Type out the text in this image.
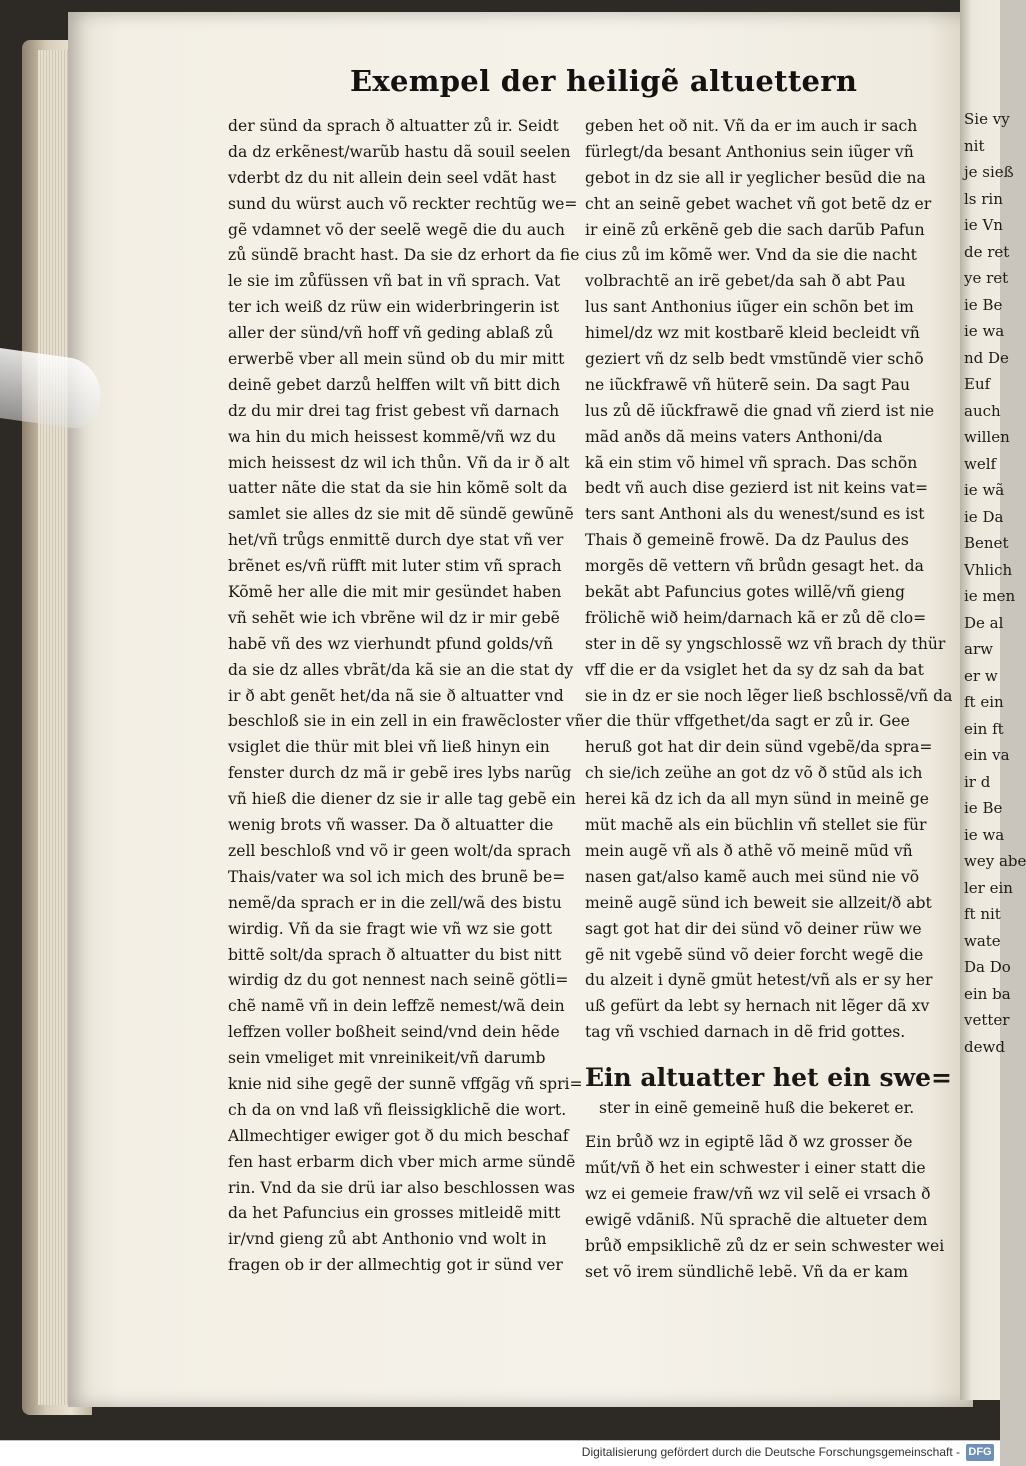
Sie vy
nit
je sieß
ls rin
ie Vn
de ret
ye ret
ie Be
ie wa
nd De
Euf
auch
willen
welf
ie wã
ie Da
Benet
Vhlich
ie men
De al
arw
er w
ft ein
ein ft
ein va
ir d
ie Be
ie wa
wey abe
ler ein
ft nit
wate
Da Do
ein ba
vetter
dewd
Exempel der heiligẽ altuettern
der sünd da sprach ð altuatter zů ir. Seidt
da dz erkẽnest/warũb hastu dã souil seelen
vderbt dz du nit allein dein seel vdãt hast
sund du würst auch võ reckter rechtũg we=
gẽ vdamnet võ der seelẽ wegẽ die du auch
zů sündẽ bracht hast. Da sie dz erhort da fie
le sie im zůfüssen vñ bat in vñ sprach. Vat
ter ich weiß dz rüw ein widerbringerin ist
aller der sünd/vñ hoff vñ geding ablaß zů
erwerbẽ vber all mein sünd ob du mir mitt
deinẽ gebet darzů helffen wilt vñ bitt dich
dz du mir drei tag frist gebest vñ darnach
wa hin du mich heissest kommẽ/vñ wz du
mich heissest dz wil ich thůn. Vñ da ir ð alt
uatter nãte die stat da sie hin kõmẽ solt da
samlet sie alles dz sie mit dẽ sündẽ gewũnẽ
het/vñ trůgs enmittẽ durch dye stat vñ ver
brẽnet es/vñ rüfft mit luter stim vñ sprach
Kõmẽ her alle die mit mir gesündet haben
vñ sehẽt wie ich vbrẽne wil dz ir mir gebẽ
habẽ vñ des wz vierhundt pfund golds/vñ
da sie dz alles vbrãt/da kã sie an die stat dy
ir ð abt genẽt het/da nã sie ð altuatter vnd
beschloß sie in ein zell in ein frawẽcloster vñ
vsiglet die thür mit blei vñ ließ hinyn ein
fenster durch dz mã ir gebẽ ires lybs narũg
vñ hieß die diener dz sie ir alle tag gebẽ ein
wenig brots vñ wasser. Da ð altuatter die
zell beschloß vnd võ ir geen wolt/da sprach
Thais/vater wa sol ich mich des brunẽ be=
nemẽ/da sprach er in die zell/wã des bistu
wirdig. Vñ da sie fragt wie vñ wz sie gott
bittẽ solt/da sprach ð altuatter du bist nitt
wirdig dz du got nennest nach seinẽ götli=
chẽ namẽ vñ in dein leffzẽ nemest/wã dein
leffzen voller boßheit seind/vnd dein hẽde
sein vmeliget mit vnreinikeit/vñ darumb
knie nid sihe gegẽ der sunnẽ vffgãg vñ spri=
ch da on vnd laß vñ fleissigklichẽ die wort.
Allmechtiger ewiger got ð du mich beschaf
fen hast erbarm dich vber mich arme sündẽ
rin. Vnd da sie drü iar also beschlossen was
da het Pafuncius ein grosses mitleidẽ mitt
ir/vnd gieng zů abt Anthonio vnd wolt in
fragen ob ir der allmechtig got ir sünd ver
geben het oð nit. Vñ da er im auch ir sach
fürlegt/da besant Anthonius sein iũger vñ
gebot in dz sie all ir yeglicher besũd die na
cht an seinẽ gebet wachet vñ got betẽ dz er
ir einẽ zů erkẽnẽ geb die sach darũb Pafun
cius zů im kõmẽ wer. Vnd da sie die nacht
volbrachtẽ an irẽ gebet/da sah ð abt Pau
lus sant Anthonius iũger ein schõn bet im
himel/dz wz mit kostbarẽ kleid becleidt vñ
geziert vñ dz selb bedt vmstũndẽ vier schõ
ne iũckfrawẽ vñ hüterẽ sein. Da sagt Pau
lus zů dẽ iũckfrawẽ die gnad vñ zierd ist nie
mãd anðs dã meins vaters Anthoni/da
kã ein stim võ himel vñ sprach. Das schõn
bedt vñ auch dise gezierd ist nit keins vat=
ters sant Anthoni als du wenest/sund es ist
Thais ð gemeinẽ frowẽ. Da dz Paulus des
morgẽs dẽ vettern vñ brůdn gesagt het. da
bekãt abt Pafuncius gotes willẽ/vñ gieng
frölichẽ wið heim/darnach kã er zů dẽ clo=
ster in dẽ sy yngschlossẽ wz vñ brach dy thür
vff die er da vsiglet het da sy dz sah da bat
sie in dz er sie noch lẽger ließ bschlossẽ/vñ da
er die thür vffgethet/da sagt er zů ir. Gee
heruß got hat dir dein sünd vgebẽ/da spra=
ch sie/ich zeühe an got dz võ ð stũd als ich
herei kã dz ich da all myn sünd in meinẽ ge
müt machẽ als ein büchlin vñ stellet sie für
mein augẽ vñ als ð athẽ võ meinẽ mũd vñ
nasen gat/also kamẽ auch mei sünd nie võ
meinẽ augẽ sünd ich beweit sie allzeit/ð abt
sagt got hat dir dei sünd võ deiner rüw we
gẽ nit vgebẽ sünd võ deier forcht wegẽ die
du alzeit i dynẽ gmüt hetest/vñ als er sy her
uß gefürt da lebt sy hernach nit lẽger dã xv
tag vñ vschied darnach in dẽ frid gottes.
Ein altuatter het ein swe=
ster in einẽ gemeinẽ huß die bekeret er.
Ein brůð wz in egiptẽ lãd ð wz grosser ðe
műt/vñ ð het ein schwester i einer statt die
wz ei gemeie fraw/vñ wz vil selẽ ei vrsach ð
ewigẽ vdãniß. Nũ sprachẽ die altueter dem
brůð empsiklichẽ zů dz er sein schwester wei
set võ irem sündlichẽ lebẽ. Vñ da er kam
Digitalisierung gefördert durch die Deutsche Forschungsgemeinschaft - DFG
